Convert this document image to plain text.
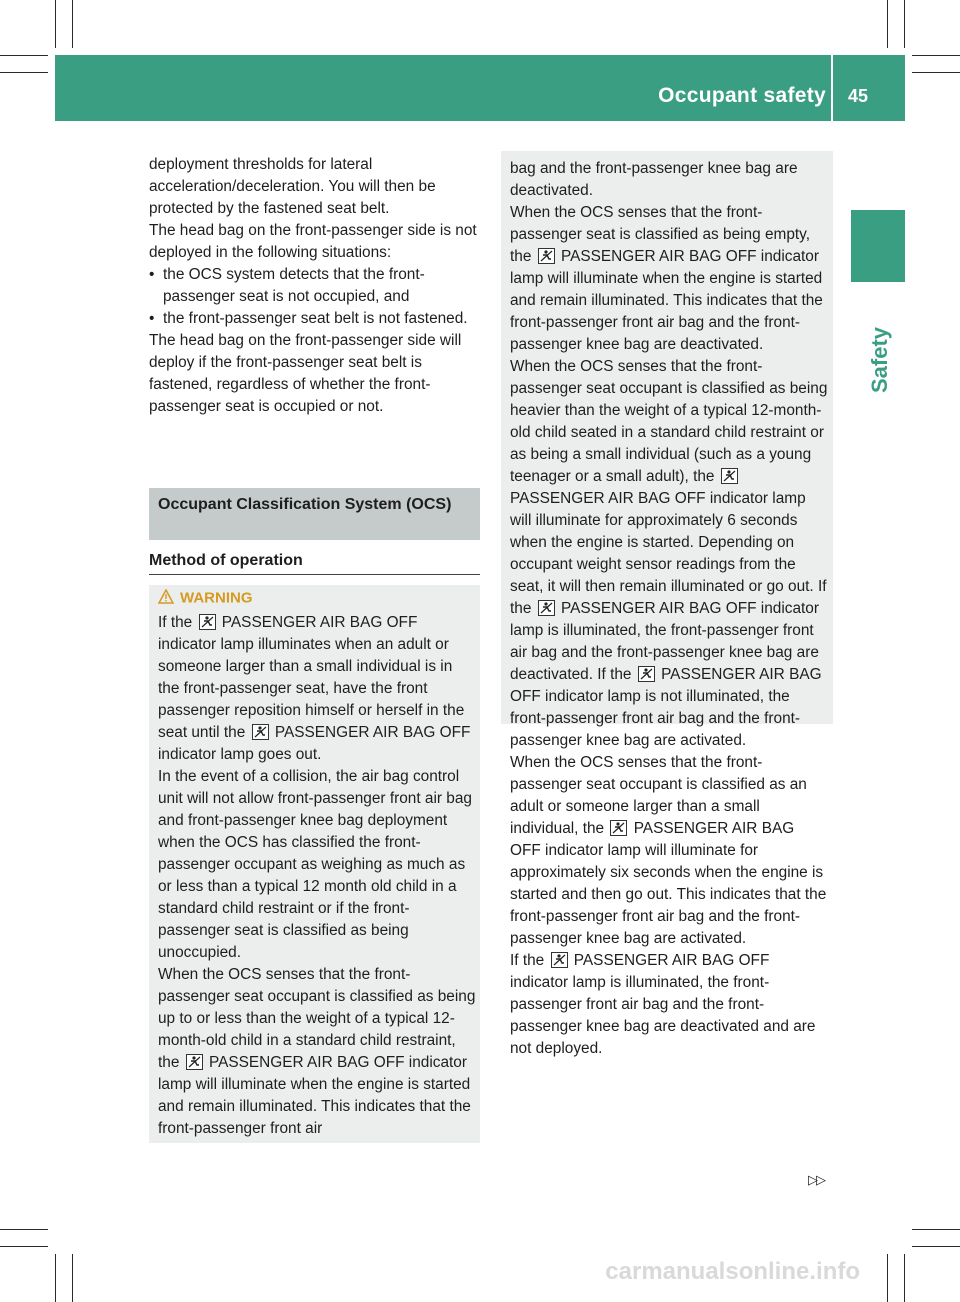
Occupant safety 45
Safety

deployment thresholds for lateral acceleration/deceleration. You will then be protected by the fastened seat belt.

The head bag on the front-passenger side is not deployed in the following situations:

• the OCS system detects that the front-passenger seat is not occupied, and
• the front-passenger seat belt is not fastened.

The head bag on the front-passenger side will deploy if the front-passenger seat belt is fastened, regardless of whether the front-passenger seat is occupied or not.

Occupant Classification System (OCS)
Method of operation
WARNING

If the PASSENGER AIR BAG OFF indicator lamp illuminates when an adult or someone larger than a small individual is in the front-passenger seat, have the front passenger reposition himself or herself in the seat until the PASSENGER AIR BAG OFF indicator lamp goes out.

In the event of a collision, the air bag control unit will not allow front-passenger front air bag and front-passenger knee bag deployment when the OCS has classified the front-passenger occupant as weighing as much as or less than a typical 12 month old child in a standard child restraint or if the front-passenger seat is classified as being unoccupied.

When the OCS senses that the front-passenger seat occupant is classified as being up to or less than the weight of a typical 12-month-old child in a standard child restraint, the PASSENGER AIR BAG OFF indicator lamp will illuminate when the engine is started and remain illuminated. This indicates that the front-passenger front air

bag and the front-passenger knee bag are deactivated.

When the OCS senses that the front-passenger seat is classified as being empty, the PASSENGER AIR BAG OFF indicator lamp will illuminate when the engine is started and remain illuminated. This indicates that the front-passenger front air bag and the front-passenger knee bag are deactivated.

When the OCS senses that the front-passenger seat occupant is classified as being heavier than the weight of a typical 12-month-old child seated in a standard child restraint or as being a small individual (such as a young teenager or a small adult), the
PASSENGER AIR BAG OFF indicator lamp will illuminate for approximately 6 seconds when the engine is started. Depending on occupant weight sensor readings from the seat, it will then remain illuminated or go out. If the PASSENGER AIR BAG OFF indicator lamp is illuminated, the front-passenger front air bag and the front-passenger knee bag are deactivated. If the PASSENGER AIR BAG OFF indicator lamp is not illuminated, the front-passenger front air bag and the front-passenger knee bag are activated.

When the OCS senses that the front-passenger seat occupant is classified as an adult or someone larger than a small individual, the PASSENGER AIR BAG OFF indicator lamp will illuminate for approximately six seconds when the engine is started and then go out. This indicates that the front-passenger front air bag and the front-passenger knee bag are activated.

If the PASSENGER AIR BAG OFF indicator lamp is illuminated, the front-passenger front air bag and the front-passenger knee bag are deactivated and are not deployed.

▷▷
carmanualsonline.info
